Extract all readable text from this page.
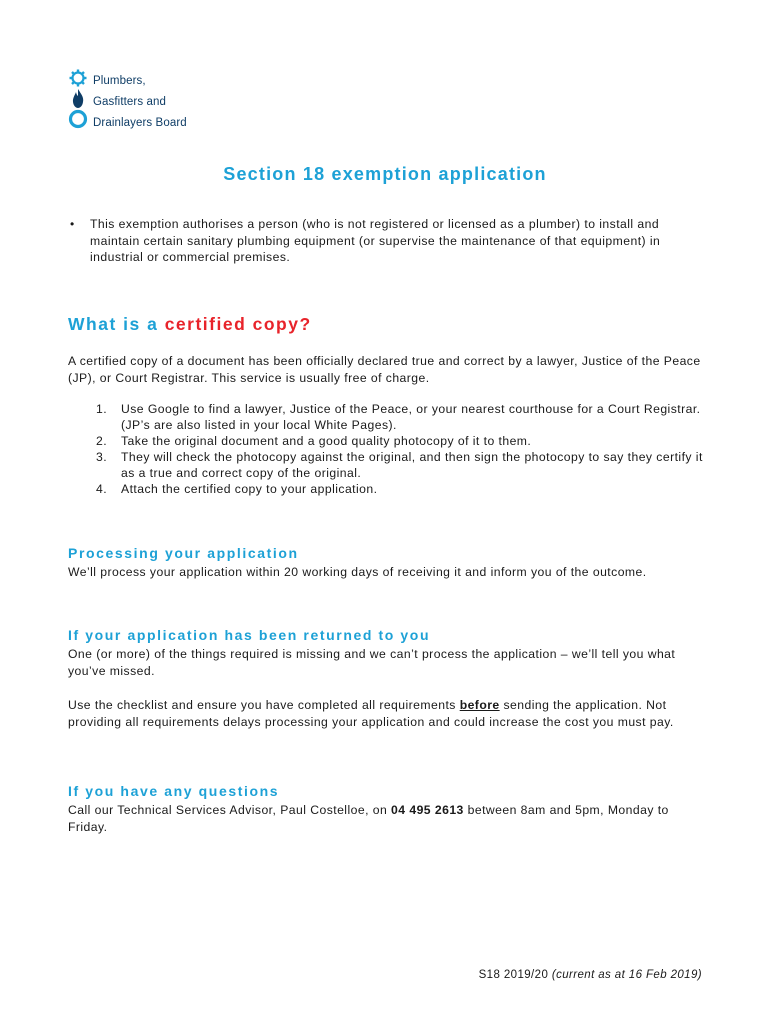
Plumbers,
Gasfitters and
Drainlayers Board
Section 18 exemption application
• This exemption authorises a person (who is not registered or licensed as a plumber) to install and maintain certain sanitary plumbing equipment (or supervise the maintenance of that equipment) in industrial or commercial premises.
What is a certified copy?

A certified copy of a document has been officially declared true and correct by a lawyer, Justice of the Peace (JP), or Court Registrar. This service is usually free of charge.

1. Use Google to find a lawyer, Justice of the Peace, or your nearest courthouse for a Court Registrar. (JP’s are also listed in your local White Pages).
2. Take the original document and a good quality photocopy of it to them.
3. They will check the photocopy against the original, and then sign the photocopy to say they certify it as a true and correct copy of the original.
4. Attach the certified copy to your application.
Processing your application

We’ll process your application within 20 working days of receiving it and inform you of the outcome.

If your application has been returned to you

One (or more) of the things required is missing and we can’t process the application – we’ll tell you what you’ve missed.

Use the checklist and ensure you have completed all requirements before sending the application. Not providing all requirements delays processing your application and could increase the cost you must pay.

If you have any questions

Call our Technical Services Advisor, Paul Costelloe, on 04 495 2613 between 8am and 5pm, Monday to Friday.

S18 2019/20 (current as at 16 Feb 2019)
